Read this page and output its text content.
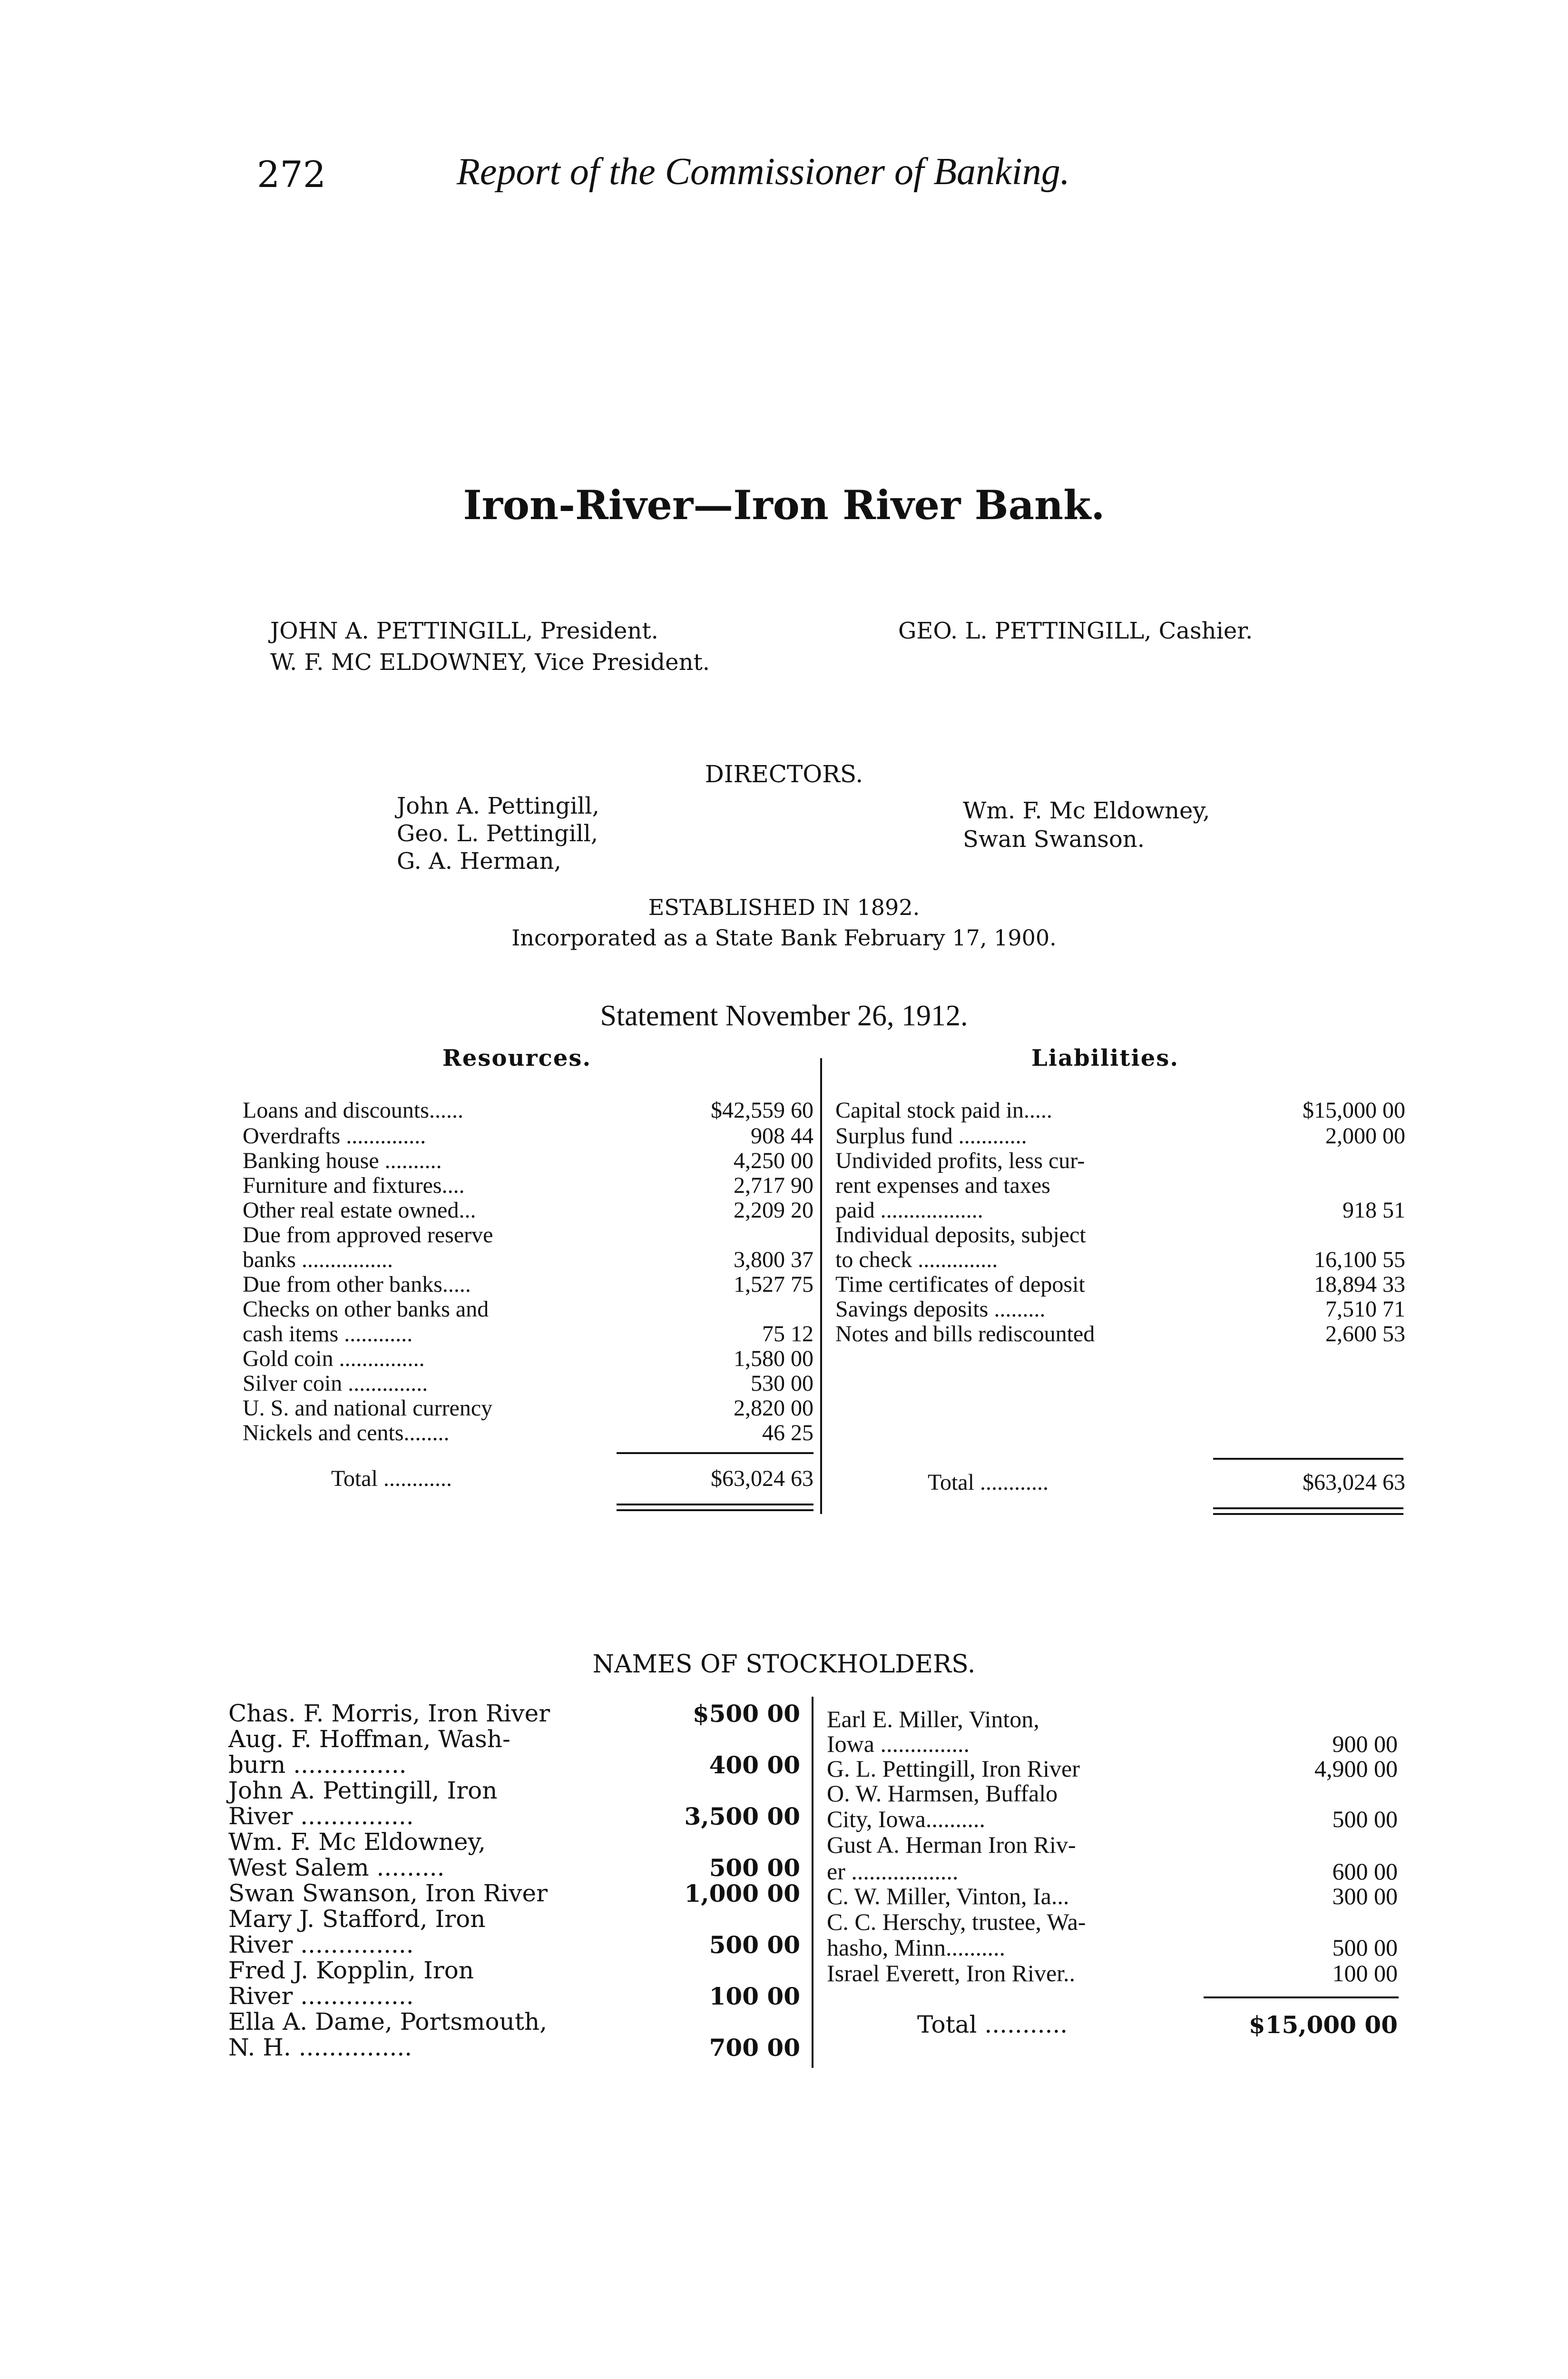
272	Report of the Commissioner of Banking.
Iron-River—Iron River Bank.
JOHN A. PETTINGILL, President.
W. F. MC ELDOWNEY, Vice President.
GEO. L. PETTINGILL, Cashier.
DIRECTORS.
John A. Pettingill,
Geo. L. Pettingill,
G. A. Herman,
Wm. F. Mc Eldowney,
Swan Swanson.
ESTABLISHED IN 1892.
Incorporated as a State Bank February 17, 1900.
Statement November 26, 1912.
Resources.	Liabilities.
Loans and discounts......	$42,559 60
Overdrafts ..............	908 44
Banking house ..........	4,250 00
Furniture and fixtures....	2,717 90
Other real estate owned...	2,209 20
Due from approved reserve
banks ................	3,800 37
Due from other banks.....	1,527 75
Checks on other banks and
cash items ............	75 12
Gold coin ...............	1,580 00
Silver coin ..............	530 00
U. S. and national currency	2,820 00
Nickels and cents........	46 25
Total ............	$63,024 63
Capital stock paid in.....	$15,000 00
Surplus fund ............	2,000 00
Undivided profits, less cur-
rent expenses and taxes
paid ..................	918 51
Individual deposits, subject
to check ..............	16,100 55
Time certificates of deposit	18,894 33
Savings deposits .........	7,510 71
Notes and bills rediscounted	2,600 53
Total ............	$63,024 63
NAMES OF STOCKHOLDERS.
Chas. F. Morris, Iron River	$500 00
Aug. F. Hoffman, Wash-
burn ...............	400 00
John A. Pettingill, Iron
River ...............	3,500 00
Wm. F. Mc Eldowney,
West Salem .........	500 00
Swan Swanson, Iron River	1,000 00
Mary J. Stafford, Iron
River ...............	500 00
Fred J. Kopplin, Iron
River ...............	100 00
Ella A. Dame, Portsmouth,
N. H. ...............	700 00
Earl E. Miller, Vinton,
Iowa ...............	900 00
G. L. Pettingill, Iron River	4,900 00
O. W. Harmsen, Buffalo
City, Iowa..........	500 00
Gust A. Herman Iron Riv-
er ..................	600 00
C. W. Miller, Vinton, Ia...	300 00
C. C. Herschy, trustee, Wa-
hasho, Minn..........	500 00
Israel Everett, Iron River..	100 00
Total ...........	$15,000 00
